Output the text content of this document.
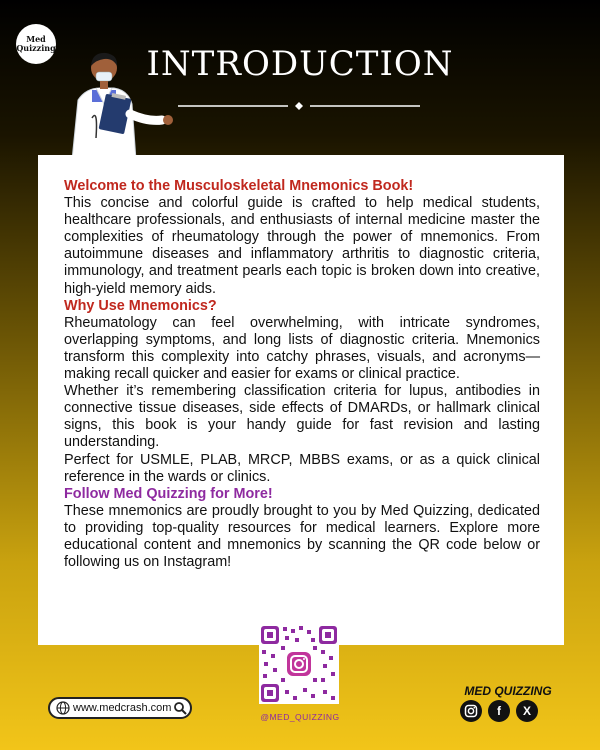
Med
Quizzing	INTRODUCTION

Welcome to the Musculoskeletal Mnemonics Book!

This concise and colorful guide is crafted to help medical students, healthcare professionals, and enthusiasts of internal medicine master the complexities of rheumatology through the power of mnemonics. From autoimmune diseases and inflammatory arthritis to diagnostic criteria, immunology, and treatment pearls each topic is broken down into creative, high-yield memory aids.

Why Use Mnemonics?

Rheumatology can feel overwhelming, with intricate syndromes, overlapping symptoms, and long lists of diagnostic criteria. Mnemonics transform this complexity into catchy phrases, visuals, and acronyms—making recall quicker and easier for exams or clinical practice.

Whether it’s remembering classification criteria for lupus, antibodies in connective tissue diseases, side effects of DMARDs, or hallmark clinical signs, this book is your handy guide for fast revision and lasting understanding.

Perfect for USMLE, PLAB, MRCP, MBBS exams, or as a quick clinical reference in the wards or clinics.

Follow Med Quizzing for More!

These mnemonics are proudly brought to you by Med Quizzing, dedicated to providing top-quality resources for medical learners. Explore more educational content and mnemonics by scanning the QR code below or following us on Instagram!

@MED_QUIZZING
www.medcrash.com
MED QUIZZING
f X
